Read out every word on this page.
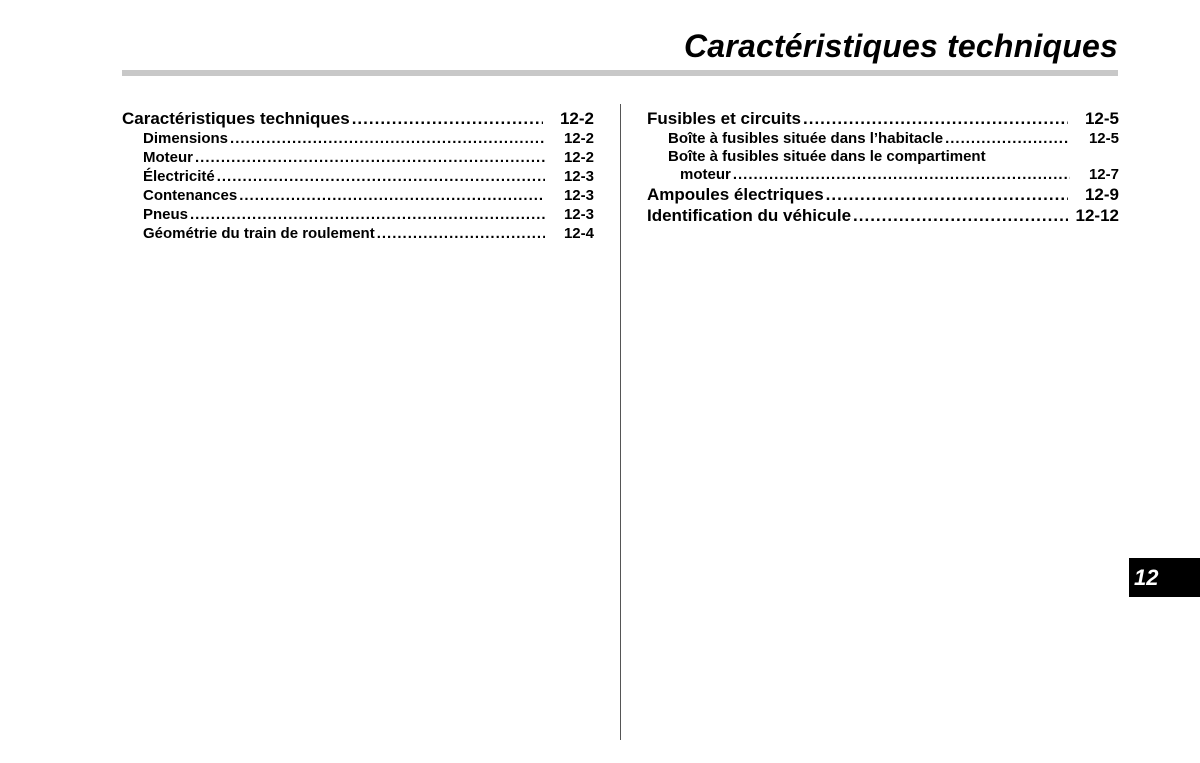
Caractéristiques techniques
Caractéristiques techniques .....	12-2
Dimensions .....	12-2
Moteur .....	12-2
Électricité .....	12-3
Contenances .....	12-3
Pneus .....	12-3
Géométrie du train de roulement .....	12-4
Fusibles et circuits .....	12-5
Boîte à fusibles située dans l’habitacle .....	12-5
Boîte à fusibles située dans le compartiment
moteur .....	12-7
Ampoules électriques .....	12-9
Identification du véhicule .....	12-12
12
